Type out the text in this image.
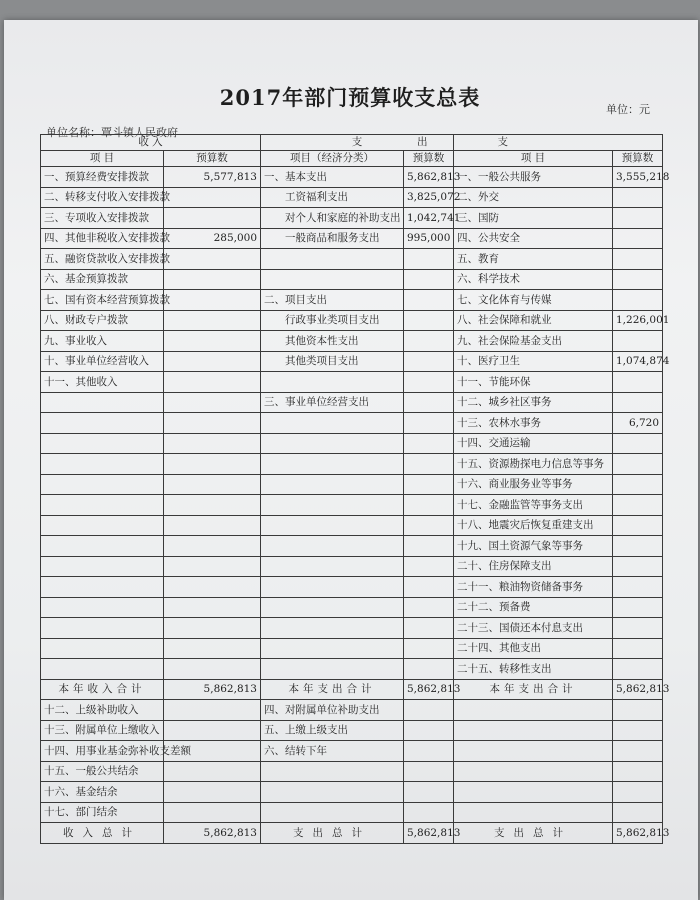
2017年部门预算收支总表	单位：元
单位名称：覃斗镇人民政府
收 入		支		出 支	
项 目	预算数	项目（经济分类）	预算数	项 目	预算数
一、预算经费安排拨款	5,577,813	一、基本支出	5,862,813	一、一般公共服务	3,555,218
二、转移支付收入安排拨款		工资福利支出	3,825,072	二、外交	
三、专项收入安排拨款		对个人和家庭的补助支出	1,042,741	三、国防	
四、其他非税收入安排拨款	285,000	一般商品和服务支出	995,000	四、公共安全	
五、融资贷款收入安排拨款				五、教育	
六、基金预算拨款				六、科学技术	
七、国有资本经营预算拨款		二、项目支出		七、文化体育与传媒	
八、财政专户拨款		行政事业类项目支出		八、社会保障和就业	1,226,001
九、事业收入		其他资本性支出		九、社会保险基金支出	
十、事业单位经营收入		其他类项目支出		十、医疗卫生	1,074,874
十一、其他收入				十一、节能环保	
		三、事业单位经营支出		十二、城乡社区事务	
				十三、农林水事务	6,720
				十四、交通运输	
				十五、资源勘探电力信息等事务	
				十六、商业服务业等事务	
				十七、金融监管等事务支出	
				十八、地震灾后恢复重建支出	
				十九、国土资源气象等事务	
				二十、住房保障支出	
				二十一、粮油物资储备事务	
				二十二、预备费	
				二十三、国债还本付息支出	
				二十四、其他支出	
				二十五、转移性支出	
本年收入合计	5,862,813	本年支出合计	5,862,813	本年支出合计	5,862,813
十二、上级补助收入		四、对附属单位补助支出			
十三、附属单位上缴收入		五、上缴上级支出			
十四、用事业基金弥补收支差额		六、结转下年			
十五、一般公共结余					
十六、基金结余					
十七、部门结余					
收入总计	5,862,813	支出总计	5,862,813	支出总计	5,862,813
